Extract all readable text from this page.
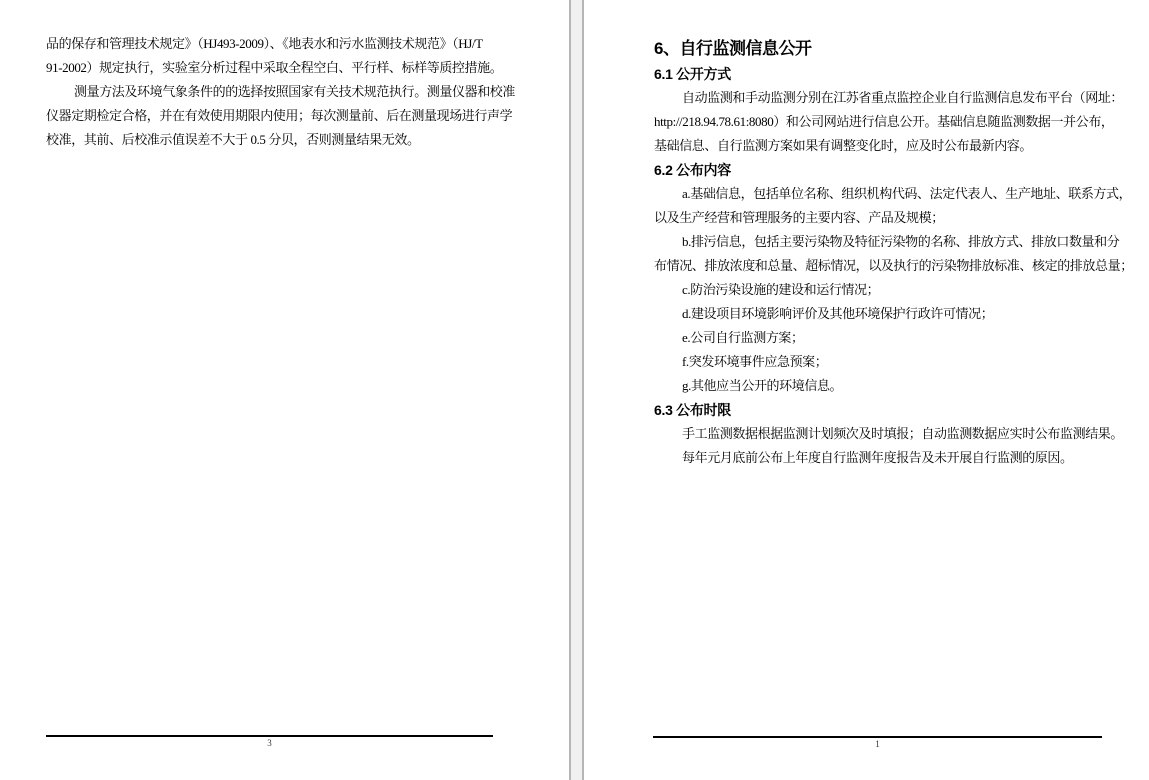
品的保存和管理技术规定》（HJ493-2009）、《地表水和污水监测技术规范》（HJ/T
91-2002）规定执行，实验室分析过程中采取全程空白、平行样、标样等质控措施。
测量方法及环境气象条件的的选择按照国家有关技术规范执行。测量仪器和校准
仪器定期检定合格，并在有效使用期限内使用；每次测量前、后在测量现场进行声学
校准，其前、后校准示值误差不大于 0.5 分贝，否则测量结果无效。
3
6、自行监测信息公开
6.1 公开方式
自动监测和手动监测分别在江苏省重点监控企业自行监测信息发布平台（网址：
http://218.94.78.61:8080）和公司网站进行信息公开。基础信息随监测数据一并公布，
基础信息、自行监测方案如果有调整变化时，应及时公布最新内容。
6.2 公布内容
a.基础信息，包括单位名称、组织机构代码、法定代表人、生产地址、联系方式，
以及生产经营和管理服务的主要内容、产品及规模；
b.排污信息，包括主要污染物及特征污染物的名称、排放方式、排放口数量和分
布情况、排放浓度和总量、超标情况，以及执行的污染物排放标准、核定的排放总量；
c.防治污染设施的建设和运行情况；
d.建设项目环境影响评价及其他环境保护行政许可情况；
e.公司自行监测方案；
f.突发环境事件应急预案；
g.其他应当公开的环境信息。
6.3 公布时限
手工监测数据根据监测计划频次及时填报；自动监测数据应实时公布监测结果。
每年元月底前公布上年度自行监测年度报告及未开展自行监测的原因。
1
